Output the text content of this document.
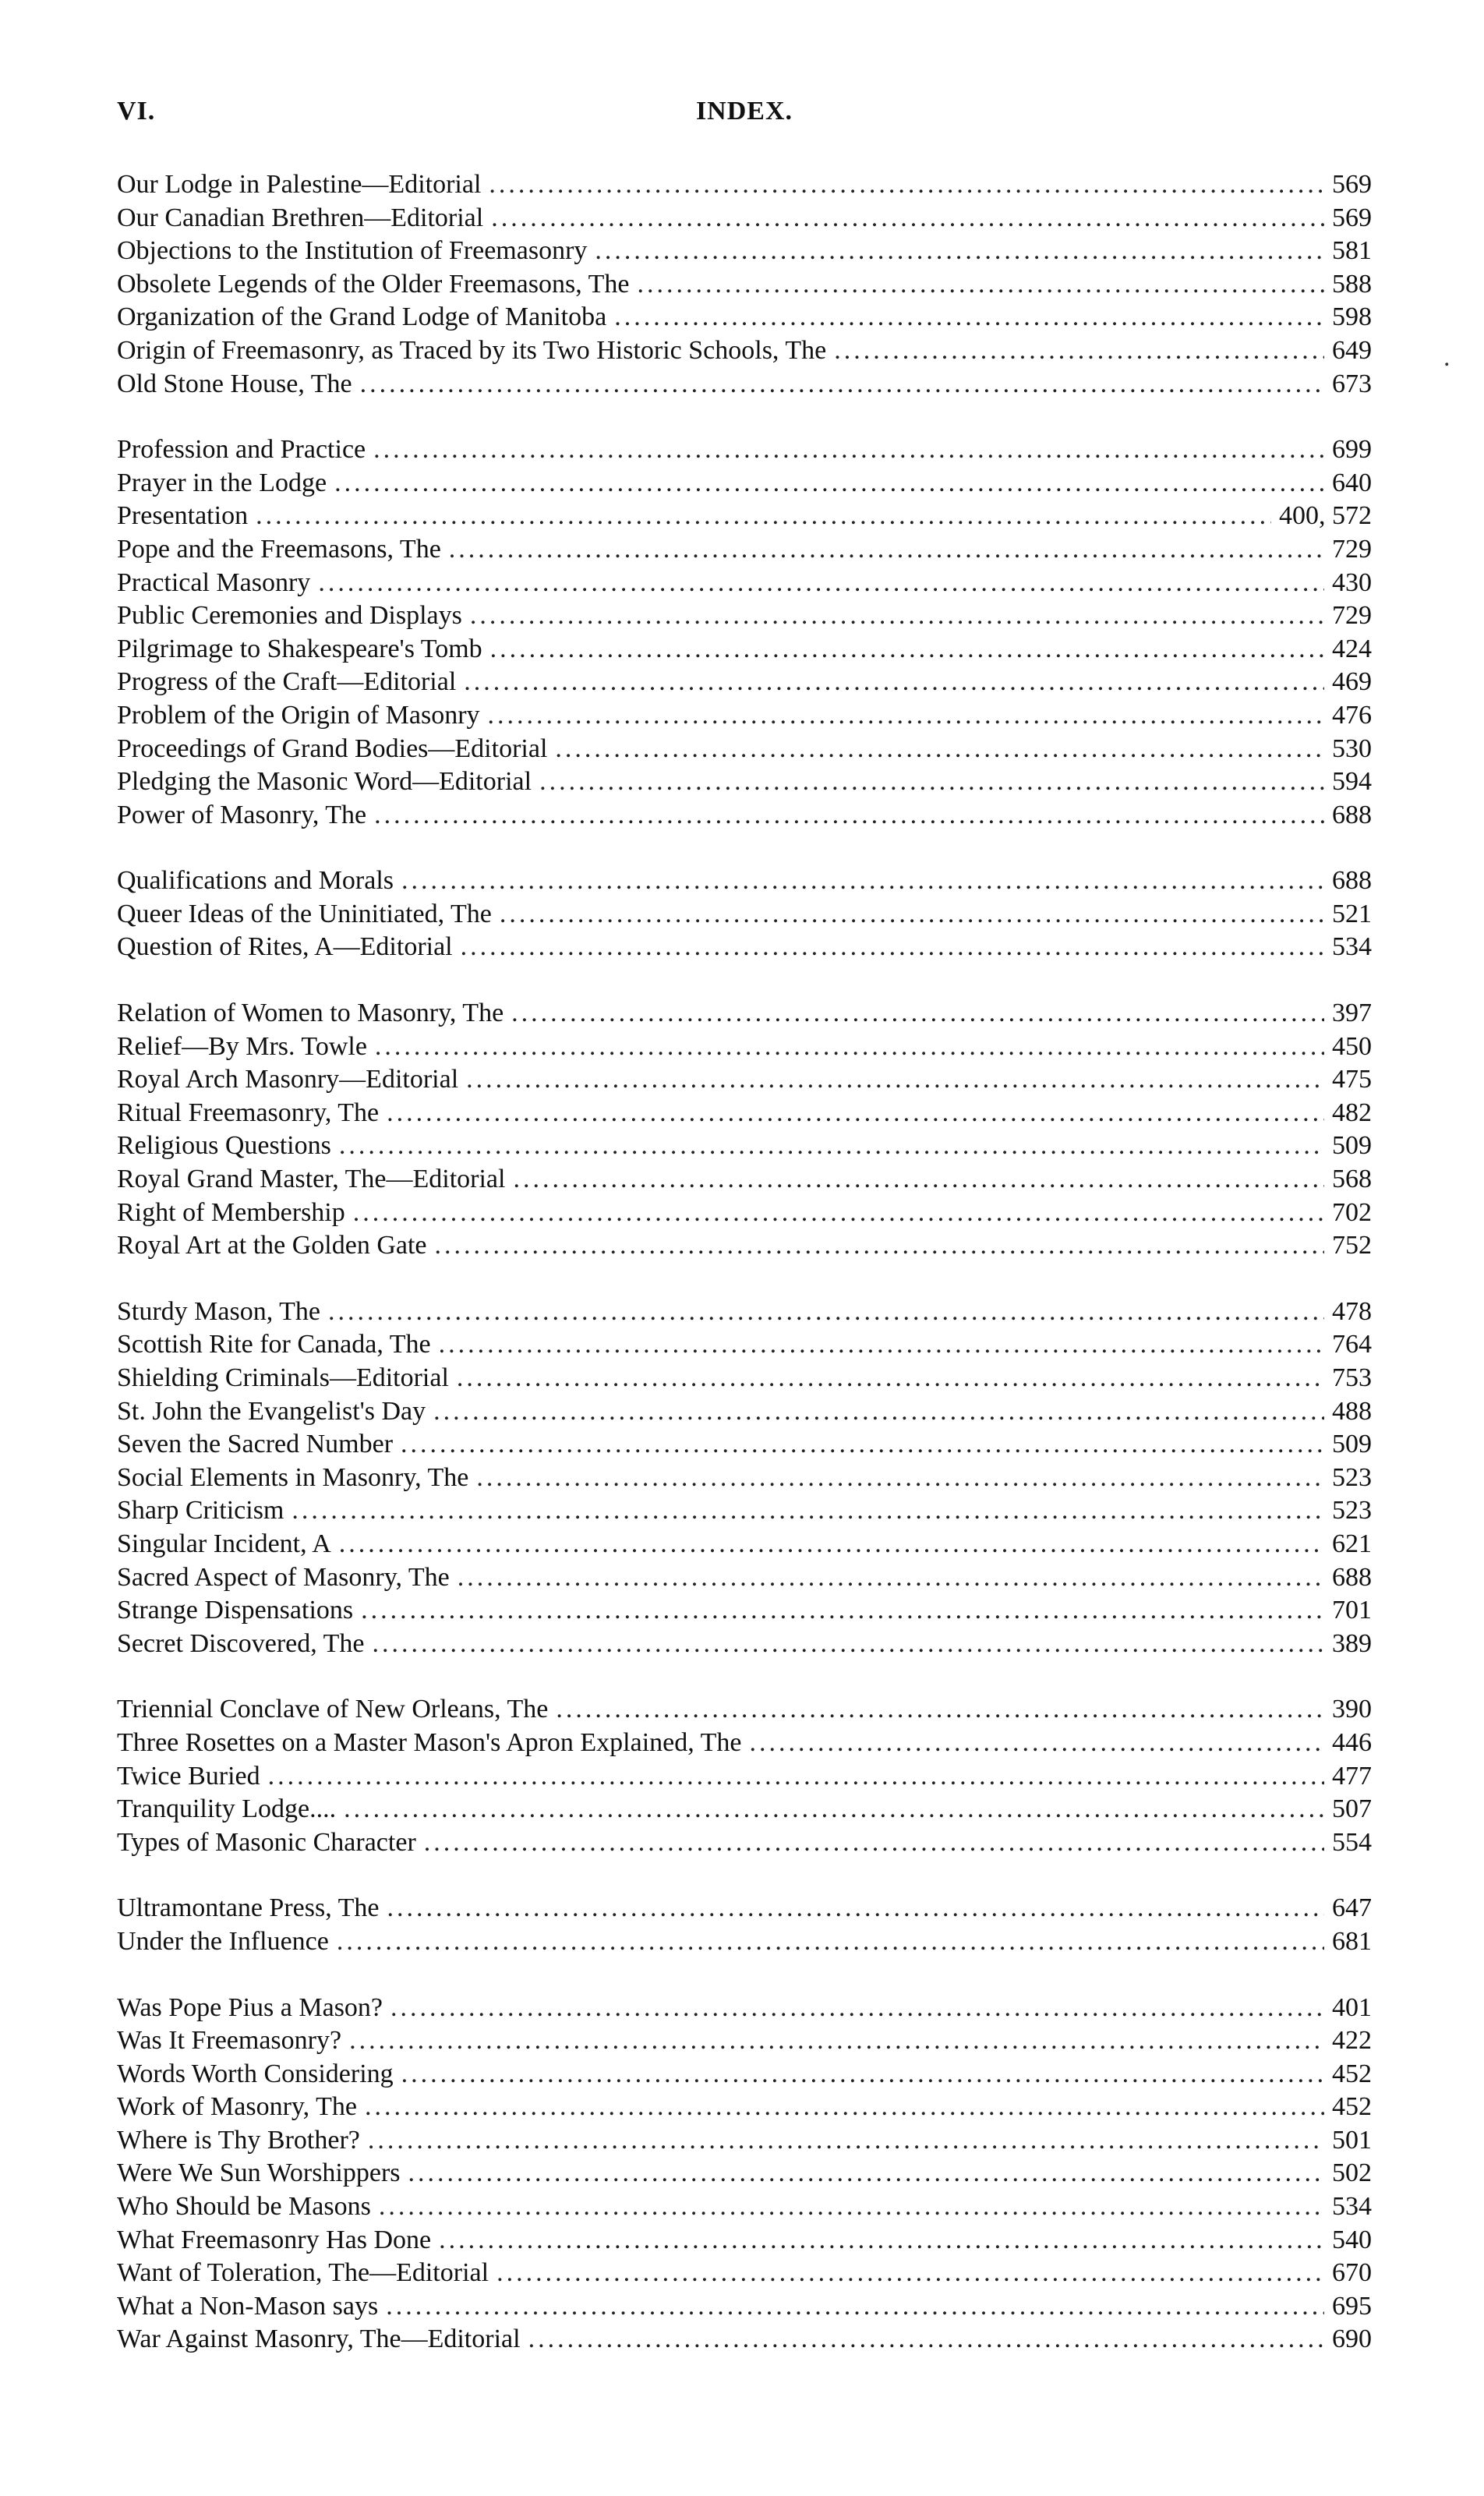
VI.	INDEX.
Our Lodge in Palestine—Editorial .....	569
Our Canadian Brethren—Editorial .....	569
Objections to the Institution of Freemasonry .....	581
Obsolete Legends of the Older Freemasons, The .....	588
Organization of the Grand Lodge of Manitoba .....	598
Origin of Freemasonry, as Traced by its Two Historic Schools, The .....	649
Old Stone House, The .....	673
Profession and Practice .....	699
Prayer in the Lodge .....	640
Presentation .....	400, 572
Pope and the Freemasons, The .....	729
Practical Masonry .....	430
Public Ceremonies and Displays .....	729
Pilgrimage to Shakespeare's Tomb .....	424
Progress of the Craft—Editorial .....	469
Problem of the Origin of Masonry .....	476
Proceedings of Grand Bodies—Editorial .....	530
Pledging the Masonic Word—Editorial .....	594
Power of Masonry, The .....	688
Qualifications and Morals .....	688
Queer Ideas of the Uninitiated, The .....	521
Question of Rites, A—Editorial .....	534
Relation of Women to Masonry, The .....	397
Relief—By Mrs. Towle .....	450
Royal Arch Masonry—Editorial .....	475
Ritual Freemasonry, The .....	482
Religious Questions .....	509
Royal Grand Master, The—Editorial .....	568
Right of Membership .....	702
Royal Art at the Golden Gate .....	752
Sturdy Mason, The .....	478
Scottish Rite for Canada, The .....	764
Shielding Criminals—Editorial .....	753
St. John the Evangelist's Day .....	488
Seven the Sacred Number .....	509
Social Elements in Masonry, The .....	523
Sharp Criticism .....	523
Singular Incident, A .....	621
Sacred Aspect of Masonry, The .....	688
Strange Dispensations .....	701
Secret Discovered, The .....	389
Triennial Conclave of New Orleans, The .....	390
Three Rosettes on a Master Mason's Apron Explained, The .....	446
Twice Buried .....	477
Tranquility Lodge.... .....	507
Types of Masonic Character .....	554
Ultramontane Press, The .....	647
Under the Influence .....	681
Was Pope Pius a Mason? .....	401
Was It Freemasonry? .....	422
Words Worth Considering .....	452
Work of Masonry, The .....	452
Where is Thy Brother? .....	501
Were We Sun Worshippers .....	502
Who Should be Masons .....	534
What Freemasonry Has Done .....	540
Want of Toleration, The—Editorial .....	670
What a Non-Mason says .....	695
War Against Masonry, The—Editorial .....	690
.
